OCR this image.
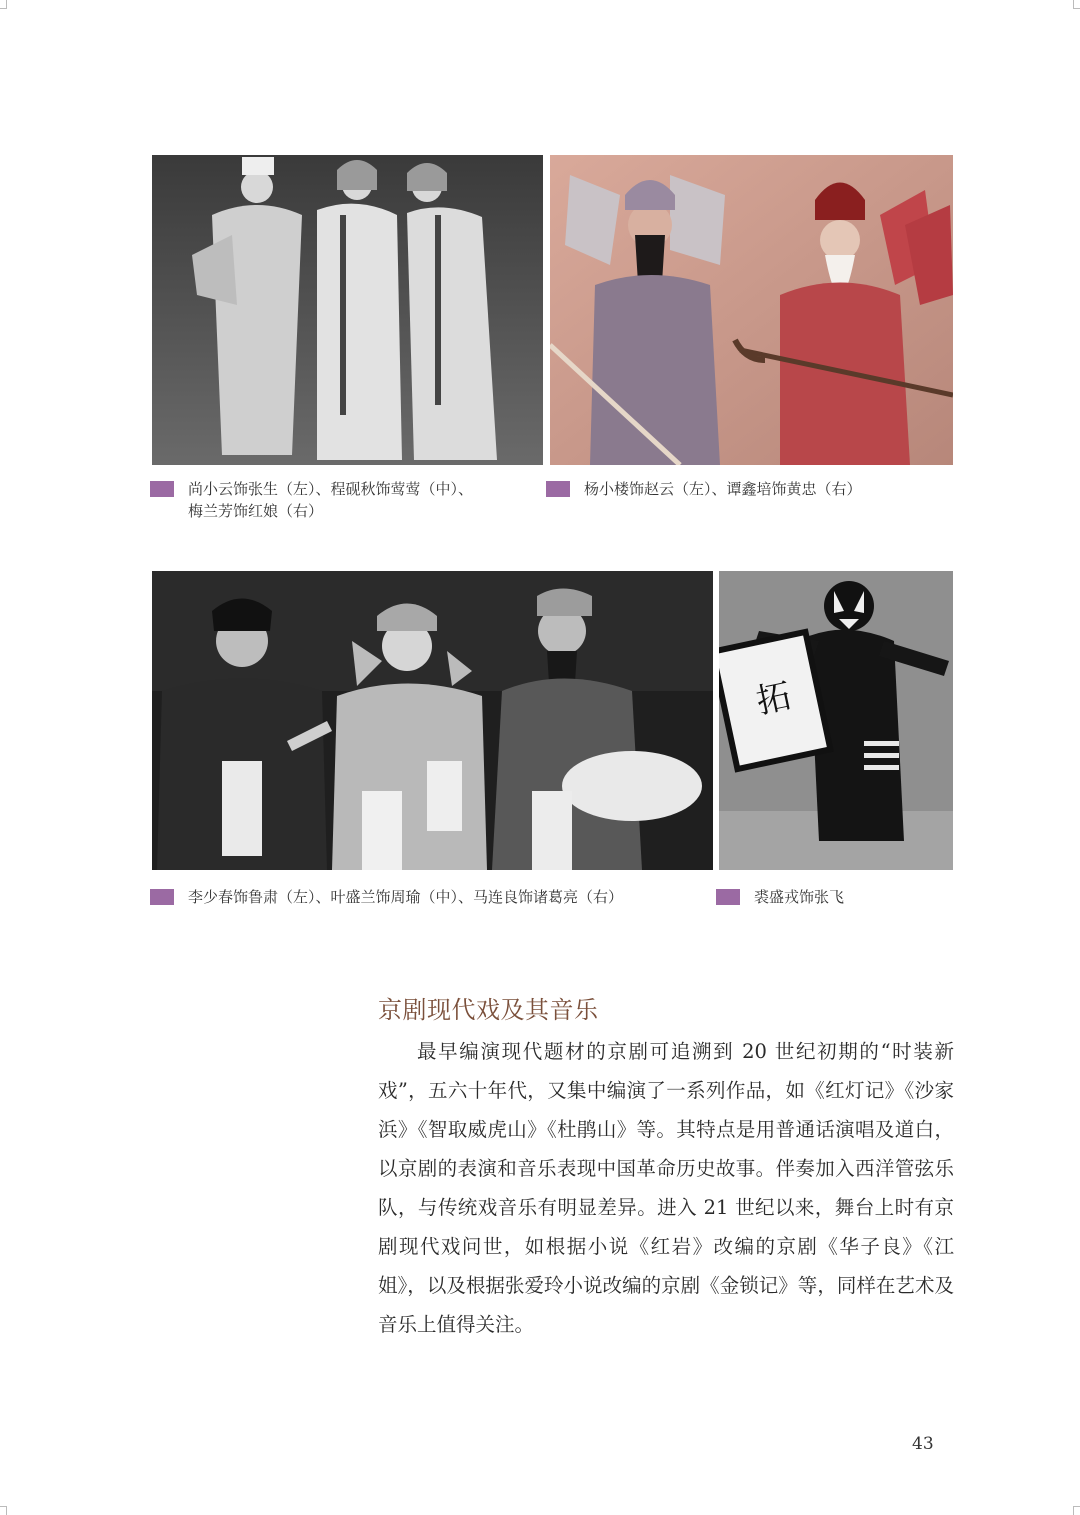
尚小云饰张生（左）、程砚秋饰莺莺（中）、
梅兰芳饰红娘（右）
杨小楼饰赵云（左）、谭鑫培饰黄忠（右）
拓
李少春饰鲁肃（左）、叶盛兰饰周瑜（中）、马连良饰诸葛亮（右）	裘盛戎饰张飞
京剧现代戏及其音乐

最早编演现代题材的京剧可追溯到 20 世纪初期的“时装新戏”，五六十年代，又集中编演了一系列作品，如《红灯记》《沙家浜》《智取威虎山》《杜鹃山》等。其特点是用普通话演唱及道白，以京剧的表演和音乐表现中国革命历史故事。伴奏加入西洋管弦乐队，与传统戏音乐有明显差异。进入 21 世纪以来，舞台上时有京剧现代戏问世，如根据小说《红岩》改编的京剧《华子良》《江姐》，以及根据张爱玲小说改编的京剧《金锁记》等，同样在艺术及音乐上值得关注。

43
